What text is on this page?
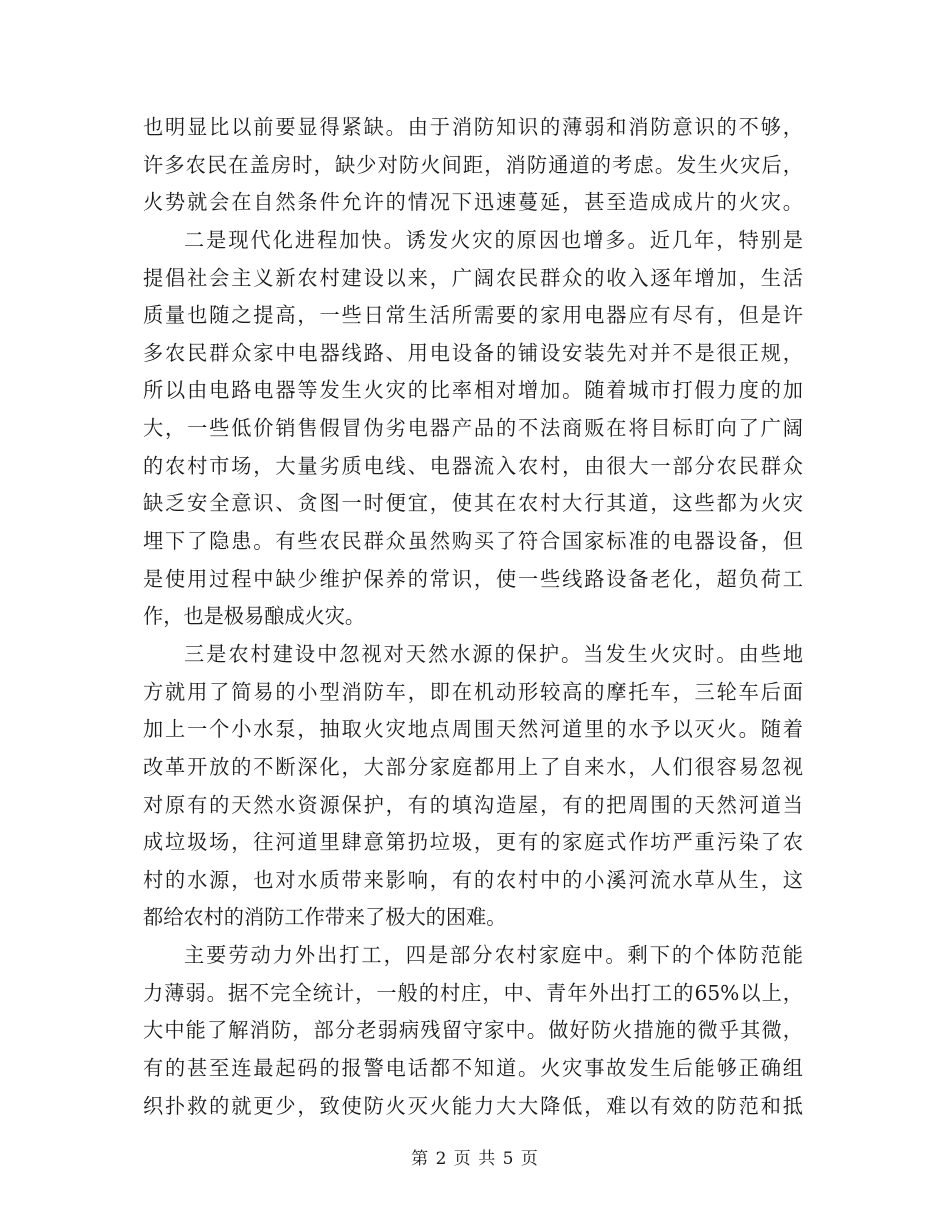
也明显比以前要显得紧缺。由于消防知识的薄弱和消防意识的不够，
许多农民在盖房时，缺少对防火间距，消防通道的考虑。发生火灾后，
火势就会在自然条件允许的情况下迅速蔓延，甚至造成成片的火灾。
二是现代化进程加快。诱发火灾的原因也增多。近几年，特别是
提倡社会主义新农村建设以来，广阔农民群众的收入逐年增加，生活
质量也随之提高，一些日常生活所需要的家用电器应有尽有，但是许
多农民群众家中电器线路、用电设备的铺设安装先对并不是很正规，
所以由电路电器等发生火灾的比率相对增加。随着城市打假力度的加
大，一些低价销售假冒伪劣电器产品的不法商贩在将目标盯向了广阔
的农村市场，大量劣质电线、电器流入农村，由很大一部分农民群众
缺乏安全意识、贪图一时便宜，使其在农村大行其道，这些都为火灾
埋下了隐患。有些农民群众虽然购买了符合国家标准的电器设备，但
是使用过程中缺少维护保养的常识，使一些线路设备老化，超负荷工
作，也是极易酿成火灾。
三是农村建设中忽视对天然水源的保护。当发生火灾时。由些地
方就用了简易的小型消防车，即在机动形较高的摩托车，三轮车后面
加上一个小水泵，抽取火灾地点周围天然河道里的水予以灭火。随着
改革开放的不断深化，大部分家庭都用上了自来水，人们很容易忽视
对原有的天然水资源保护，有的填沟造屋，有的把周围的天然河道当
成垃圾场，往河道里肆意第扔垃圾，更有的家庭式作坊严重污染了农
村的水源，也对水质带来影响，有的农村中的小溪河流水草从生，这
都给农村的消防工作带来了极大的困难。
主要劳动力外出打工，四是部分农村家庭中。剩下的个体防范能
力薄弱。据不完全统计，一般的村庄，中、青年外出打工的65%以上，
大中能了解消防，部分老弱病残留守家中。做好防火措施的微乎其微，
有的甚至连最起码的报警电话都不知道。火灾事故发生后能够正确组
织扑救的就更少，致使防火灭火能力大大降低，难以有效的防范和抵
第 2 页 共 5 页
